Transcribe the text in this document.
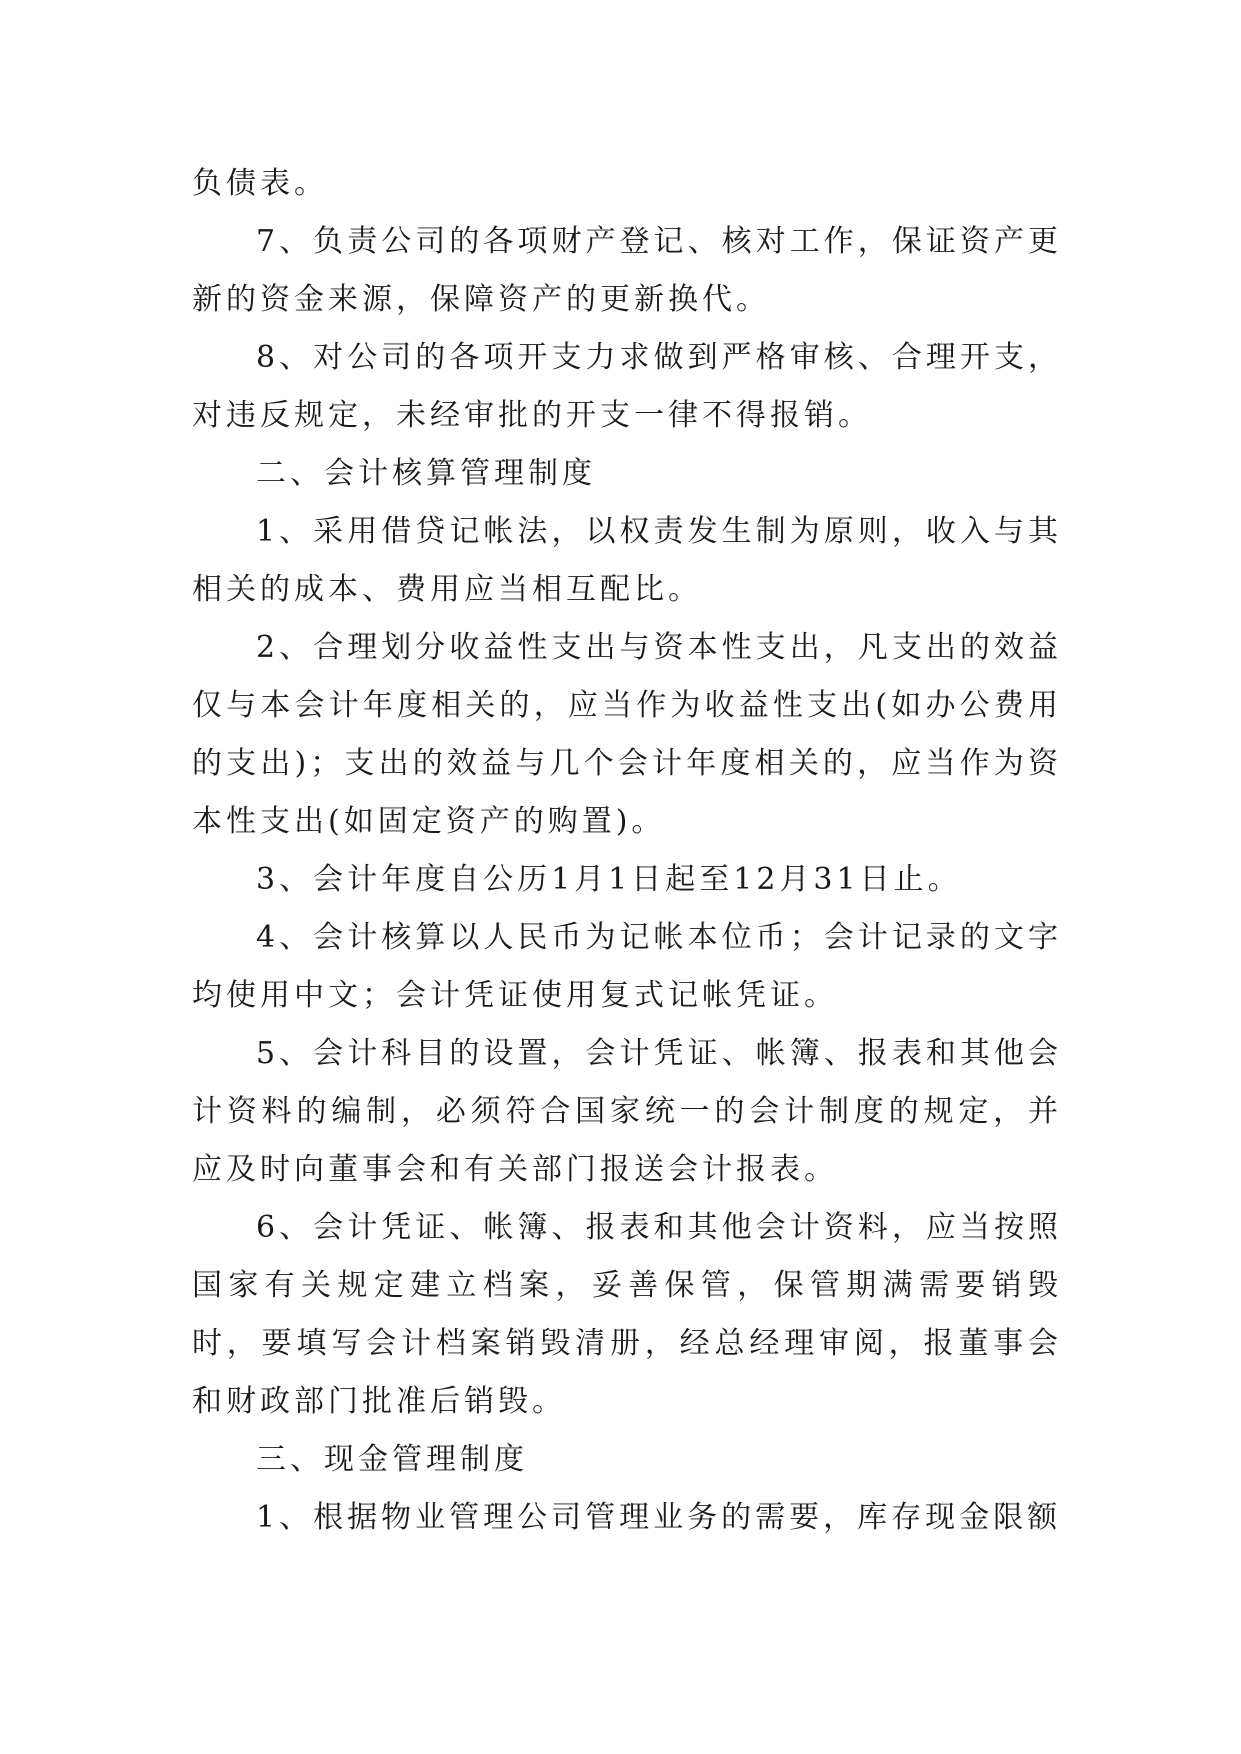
负债表。

7、负责公司的各项财产登记、核对工作，保证资产更新的资金来源，保障资产的更新换代。

8、对公司的各项开支力求做到严格审核、合理开支，对违反规定，未经审批的开支一律不得报销。

二、会计核算管理制度

1、采用借贷记帐法，以权责发生制为原则，收入与其相关的成本、费用应当相互配比。

2、合理划分收益性支出与资本性支出，凡支出的效益仅与本会计年度相关的，应当作为收益性支出(如办公费用的支出)；支出的效益与几个会计年度相关的，应当作为资本性支出(如固定资产的购置)。

3、会计年度自公历1月1日起至12月31日止。

4、会计核算以人民币为记帐本位币；会计记录的文字均使用中文；会计凭证使用复式记帐凭证。

5、会计科目的设置，会计凭证、帐簿、报表和其他会计资料的编制，必须符合国家统一的会计制度的规定，并应及时向董事会和有关部门报送会计报表。

6、会计凭证、帐簿、报表和其他会计资料，应当按照国家有关规定建立档案，妥善保管，保管期满需要销毁时，要填写会计档案销毁清册，经总经理审阅，报董事会和财政部门批准后销毁。

三、现金管理制度

1、根据物业管理公司管理业务的需要，库存现金限额
